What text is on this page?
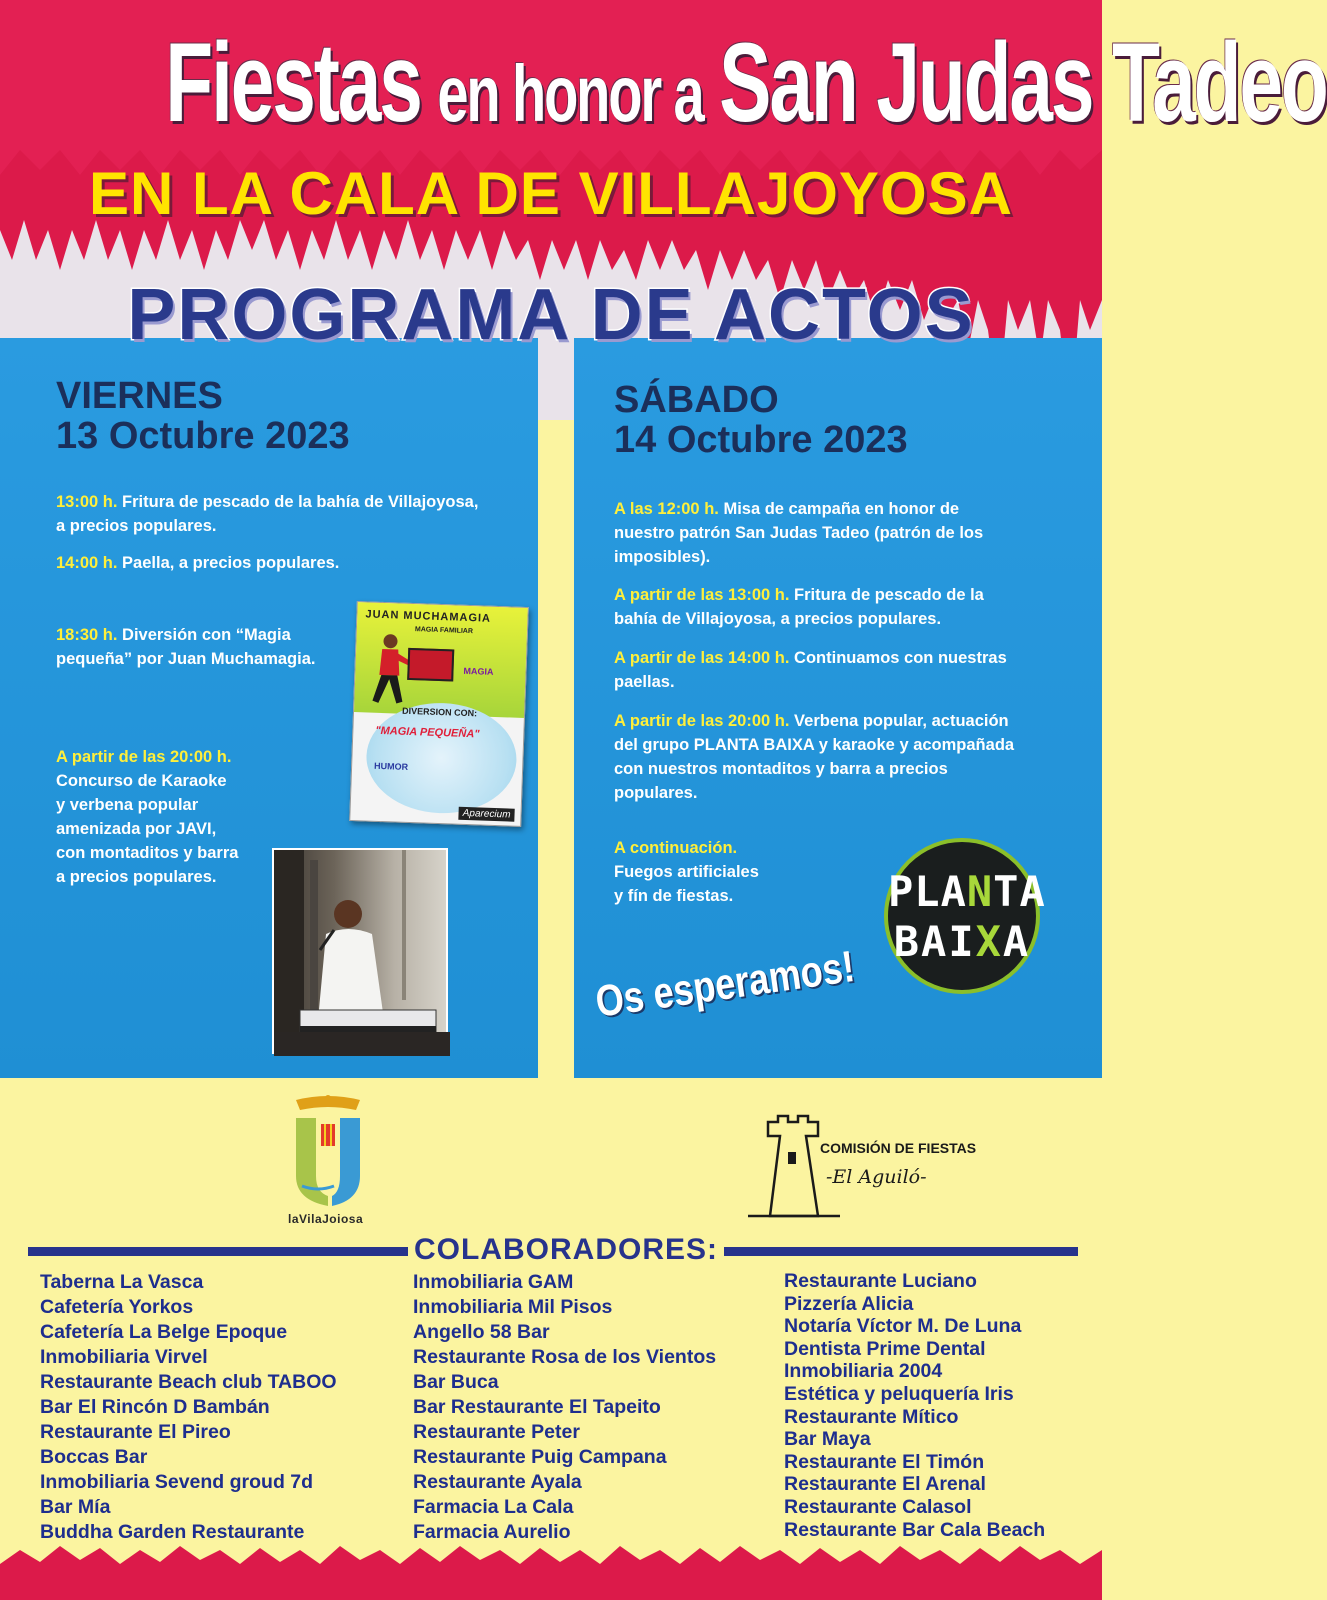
Fiestas en honor a San Judas Tadeo
EN LA CALA DE VILLAJOYOSA
PROGRAMA DE ACTOS
VIERNES
13 Octubre 2023
13:00 h. Fritura de pescado de la bahía de Villajoyosa,
a precios populares.
14:00 h. Paella, a precios populares.
18:30 h. Diversión con “Magia
pequeña” por Juan Muchamagia.
A partir de las 20:00 h.
Concurso de Karaoke
y verbena popular
amenizada por JAVI,
con montaditos y barra
a precios populares.
JUAN MUCHAMAGIA
MAGIA FAMILIAR
MAGIA
DIVERSION CON:
"MAGIA PEQUEÑA"
HUMOR
Aparecium
SÁBADO
14 Octubre 2023
A las 12:00 h. Misa de campaña en honor de
nuestro patrón San Judas Tadeo (patrón de los
imposibles).
A partir de las 13:00 h. Fritura de pescado de la
bahía de Villajoyosa, a precios populares.
A partir de las 14:00 h. Continuamos con nuestras
paellas.
A partir de las 20:00 h. Verbena popular, actuación
del grupo PLANTA BAIXA y karaoke y acompañada
con nuestros montaditos y barra a precios
populares.
A continuación.
Fuegos artificiales
y fín de fiestas.	PLANTA
BAIXA
Os esperamos!
laVilaJoiosa
COMISIÓN DE FIESTAS
-El Aguiló-
COLABORADORES:
Taberna La Vasca
Cafetería Yorkos
Cafetería La Belge Epoque
Inmobiliaria Virvel
Restaurante Beach club TABOO
Bar El Rincón D Bambán
Restaurante El Pireo
Boccas Bar
Inmobiliaria Sevend groud 7d
Bar Mía
Buddha Garden Restaurante
Inmobiliaria GAM
Inmobiliaria Mil Pisos
Angello 58 Bar
Restaurante Rosa de los Vientos
Bar Buca
Bar Restaurante El Tapeito
Restaurante Peter
Restaurante Puig Campana
Restaurante Ayala
Farmacia La Cala
Farmacia Aurelio
Restaurante Luciano
Pizzería Alicia
Notaría Víctor M. De Luna
Dentista Prime Dental
Inmobiliaria 2004
Estética y peluquería Iris
Restaurante Mítico
Bar Maya
Restaurante El Timón
Restaurante El Arenal
Restaurante Calasol
Restaurante Bar Cala Beach
